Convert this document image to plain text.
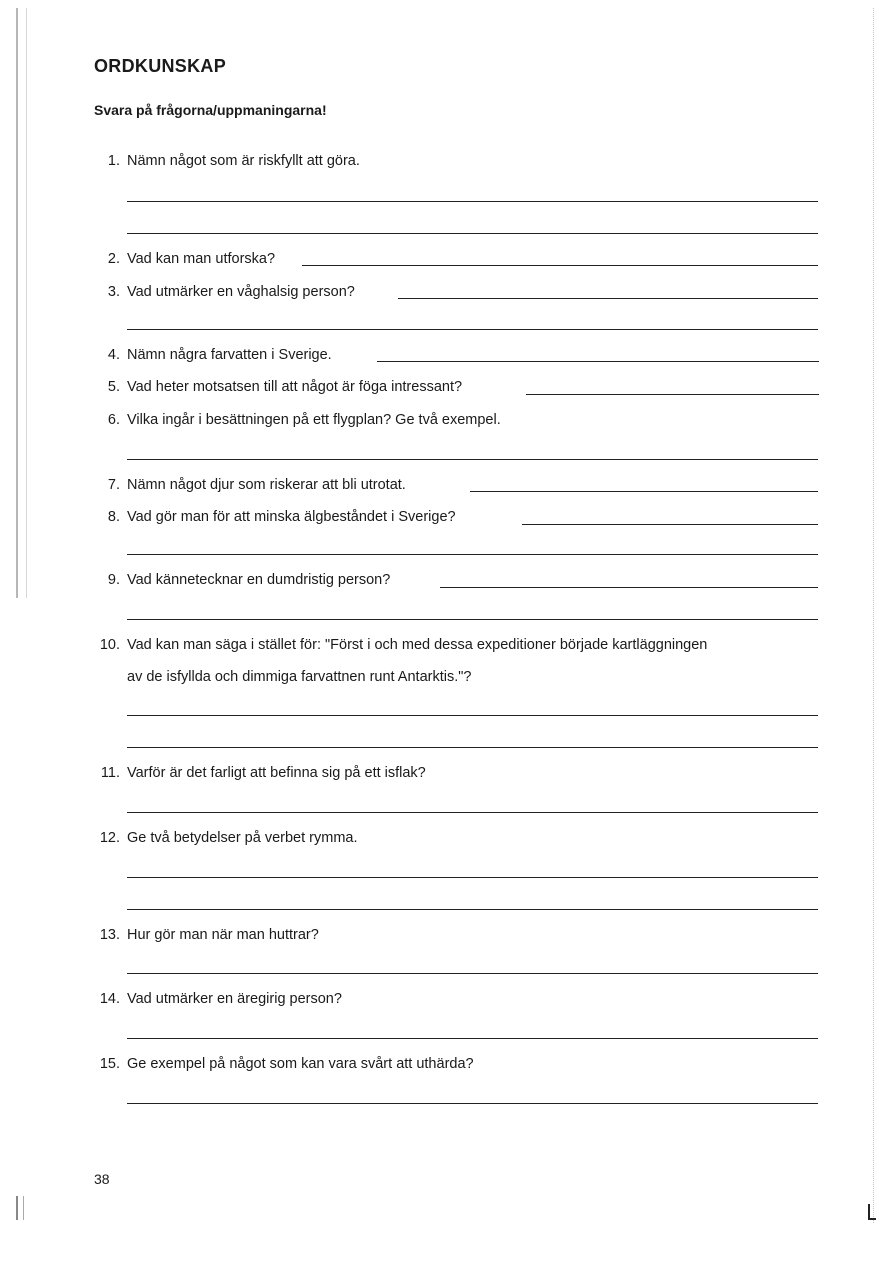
ORDKUNSKAP
Svara på frågorna/uppmaningarna!
1. Nämn något som är riskfyllt att göra.
2. Vad kan man utforska?
3. Vad utmärker en våghalsig person?
4. Nämn några farvatten i Sverige.
5. Vad heter motsatsen till att något är föga intressant?
6. Vilka ingår i besättningen på ett flygplan? Ge två exempel.
7. Nämn något djur som riskerar att bli utrotat.
8. Vad gör man för att minska älgbeståndet i Sverige?
9. Vad kännetecknar en dumdristig person?
10. Vad kan man säga i stället för: "Först i och med dessa expeditioner började kartläggningen
av de isfyllda och dimmiga farvattnen runt Antarktis."?
11. Varför är det farligt att befinna sig på ett isflak?
12. Ge två betydelser på verbet rymma.
13. Hur gör man när man huttrar?
14. Vad utmärker en äregirig person?
15. Ge exempel på något som kan vara svårt att uthärda?
38
